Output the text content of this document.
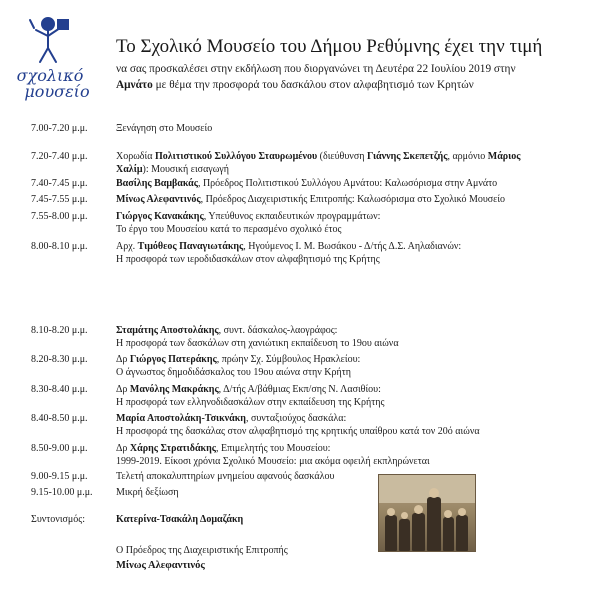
σχολικό
μουσείο
Το Σχολικό Μουσείο του Δήμου Ρεθύμνης έχει την τιμή
να σας προσκαλέσει στην εκδήλωση που διοργανώνει τη Δευτέρα 22 Ιουλίου 2019 στην
Αμνάτο με θέμα την προσφορά του δασκάλου στον αλφαβητισμό των Κρητών
7.00-7.20 μ.μ.	Ξενάγηση στο Μουσείο
7.20-7.40 μ.μ.	Χορωδία Πολιτιστικού Συλλόγου Σταυρωμένου (διεύθυνση Γιάννης Σκεπετζής, αρμόνιο Μάριος
Χαλίμ): Μουσική εισαγωγή
7.40-7.45 μ.μ.	Βασίλης Βαμβακάς, Πρόεδρος Πολιτιστικού Συλλόγου Αμνάτου: Καλωσόρισμα στην Αμνάτο
7.45-7.55 μ.μ.	Μίνως Αλεφαντινός, Πρόεδρος Διαχειριστικής Επιτροπής: Καλωσόρισμα στο Σχολικό Μουσείο
7.55-8.00 μ.μ.	Γιώργος Κανακάκης, Υπεύθυνος εκπαιδευτικών προγραμμάτων:
Το έργο του Μουσείου κατά το περασμένο σχολικό έτος
8.00-8.10 μ.μ.	Αρχ. Τιμόθεος Παναγιωτάκης, Ηγούμενος Ι. Μ. Βωσάκου - Δ/τής Δ.Σ. Αηλαδιανών:
Η προσφορά των ιεροδιδασκάλων στον αλφαβητισμό της Κρήτης
8.10-8.20 μ.μ.	Σταμάτης Αποστολάκης, συντ. δάσκαλος-λαογράφος:
Η προσφορά των δασκάλων στη χανιώτικη εκπαίδευση το 19ου αιώνα
8.20-8.30 μ.μ.	Δρ Γιώργος Πατεράκης, πρώην Σχ. Σύμβουλος Ηρακλείου:
Ο άγνωστος δημοδιδάσκαλος του 19ου αιώνα στην Κρήτη
8.30-8.40 μ.μ.	Δρ Μανόλης Μακράκης, Δ/τής Α/βάθμιας Εκπ/σης Ν. Λασιθίου:
Η προσφορά των ελληνοδιδασκάλων στην εκπαίδευση της Κρήτης
8.40-8.50 μ.μ.	Μαρία Αποστολάκη-Τσικνάκη, συνταξιούχος δασκάλα:
Η προσφορά της δασκάλας στον αλφαβητισμό της κρητικής υπαίθρου κατά τον 20ό αιώνα
8.50-9.00 μ.μ.	Δρ Χάρης Στρατιδάκης, Επιμελητής του Μουσείου:
1999-2019. Είκοσι χρόνια Σχολικό Μουσείο: μια ακόμα οφειλή εκπληρώνεται
9.00-9.15 μ.μ.	Τελετή αποκαλυπτηρίων μνημείου αφανούς δασκάλου
9.15-10.00 μ.μ. Μικρή δεξίωση
Συντονισμός:	Κατερίνα-Τσακάλη Δομαζάκη
Ο Πρόεδρος της Διαχειριστικής Επιτροπής
Μίνως Αλεφαντινός
